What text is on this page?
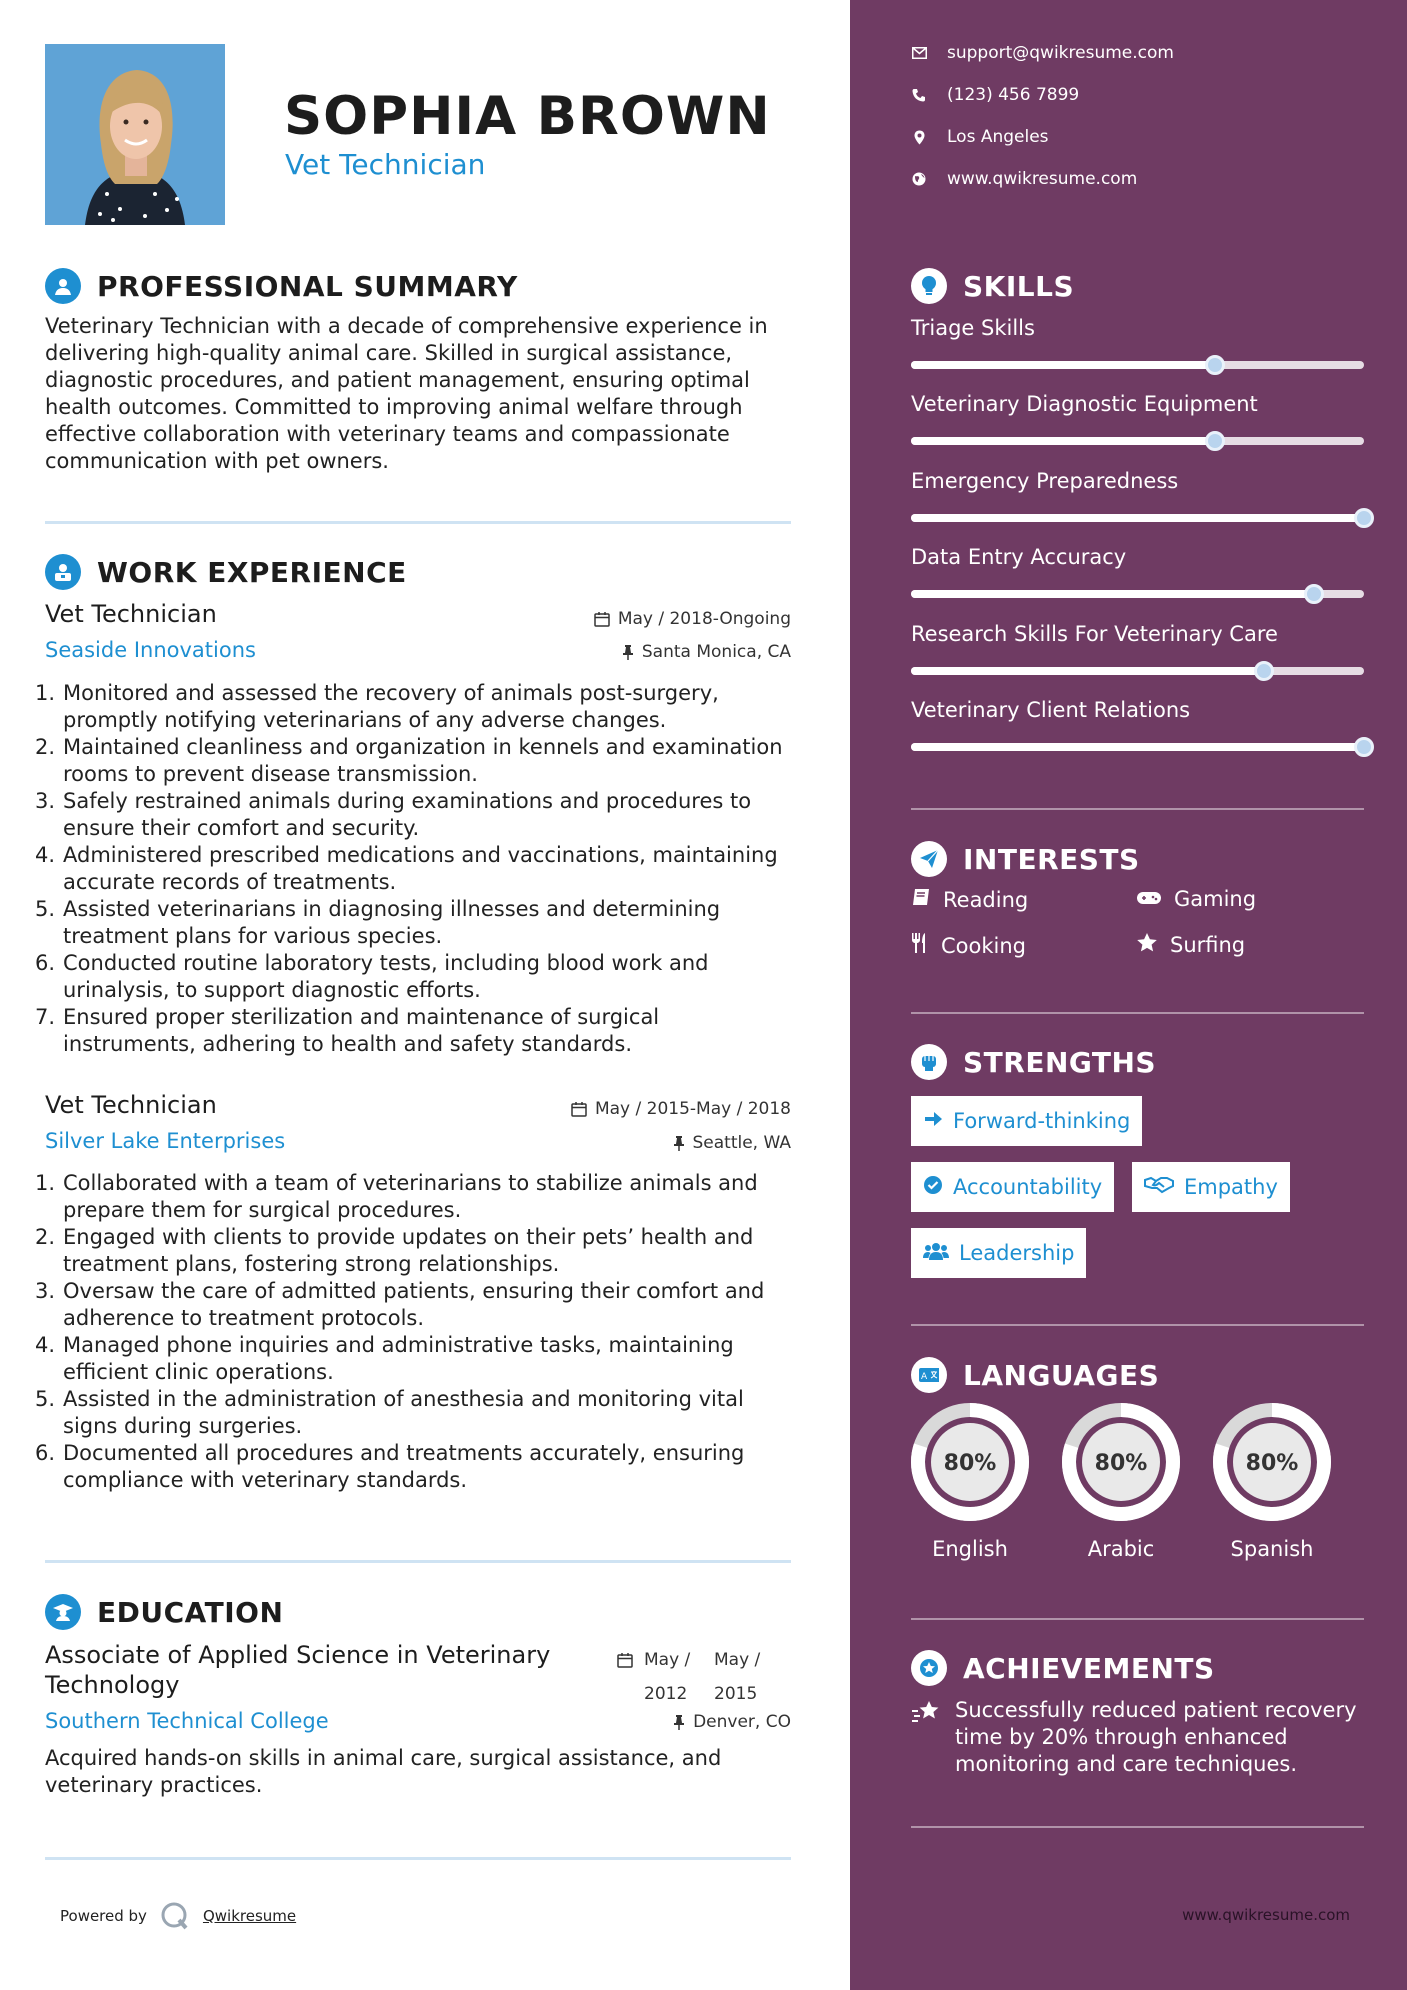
SOPHIA BROWN
Vet Technician
PROFESSIONAL SUMMARY
Veterinary Technician with a decade of comprehensive experience in delivering high-quality animal care. Skilled in surgical assistance, diagnostic procedures, and patient management, ensuring optimal health outcomes. Committed to improving animal welfare through effective collaboration with veterinary teams and compassionate communication with pet owners.
WORK EXPERIENCE
Vet Technician	May / 2018-Ongoing
Seaside Innovations	Santa Monica, CA
1. Monitored and assessed the recovery of animals post-surgery, promptly notifying veterinarians of any adverse changes.
2. Maintained cleanliness and organization in kennels and examination rooms to prevent disease transmission.
3. Safely restrained animals during examinations and procedures to ensure their comfort and security.
4. Administered prescribed medications and vaccinations, maintaining accurate records of treatments.
5. Assisted veterinarians in diagnosing illnesses and determining treatment plans for various species.
6. Conducted routine laboratory tests, including blood work and urinalysis, to support diagnostic efforts.
7. Ensured proper sterilization and maintenance of surgical instruments, adhering to health and safety standards.
Vet Technician	May / 2015-May / 2018
Silver Lake Enterprises	Seattle, WA
1. Collaborated with a team of veterinarians to stabilize animals and prepare them for surgical procedures.
2. Engaged with clients to provide updates on their pets’ health and treatment plans, fostering strong relationships.
3. Oversaw the care of admitted patients, ensuring their comfort and adherence to treatment protocols.
4. Managed phone inquiries and administrative tasks, maintaining efficient clinic operations.
5. Assisted in the administration of anesthesia and monitoring vital signs during surgeries.
6. Documented all procedures and treatments accurately, ensuring compliance with veterinary standards.
EDUCATION
Associate of Applied Science in Veterinary Technology
May / 2012
May / 2015
Southern Technical College	Denver, CO
Acquired hands-on skills in animal care, surgical assistance, and veterinary practices.
Powered by	Qwikresume
support@qwikresume.com
(123) 456 7899
Los Angeles
www.qwikresume.com
SKILLS
Triage Skills
Veterinary Diagnostic Equipment
Emergency Preparedness
Data Entry Accuracy
Research Skills For Veterinary Care
Veterinary Client Relations
INTERESTS
Reading	Gaming
Cooking	Surfing
STRENGTHS
Forward-thinking
Accountability	Empathy
Leadership
A LANGUAGES
80%
English
80%
Arabic
80%
Spanish
ACHIEVEMENTS
Successfully reduced patient recovery time by 20% through enhanced monitoring and care techniques.
www.qwikresume.com
